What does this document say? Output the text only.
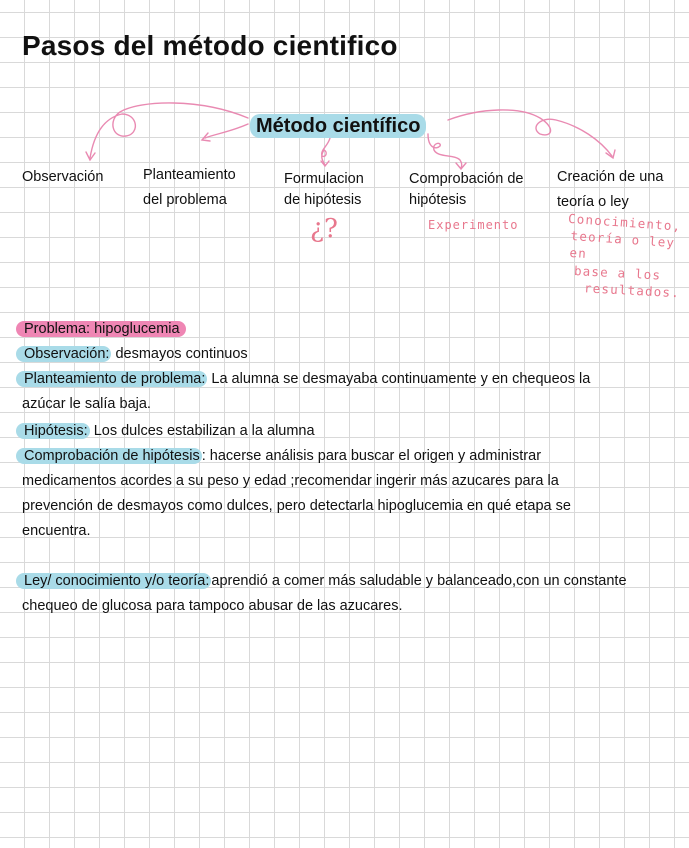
Pasos del método cientifico
Método científico
Observación	Planteamiento
del problema
Formulacion
de hipótesis
Comprobación de
hipótesis
Creación de una
teoría o ley
¿?	Experimento	Conocimiento,
teoría o ley en
base a los
resultados.

Problema: hipoglucemia

Observación: desmayos continuos

Planteamiento de problema: La alumna se desmayaba continuamente y en chequeos la

azúcar le salía baja.

Hipótesis: Los dulces estabilizan a la alumna

Comprobación de hipótesis : hacerse análisis para buscar el origen y administrar

medicamentos acordes a su peso y edad ;recomendar ingerir más azucares para la

prevención de desmayos como dulces, pero detectarla hipoglucemia en qué etapa se

encuentra.

Ley/ conocimiento y/o teoría: aprendió a comer más saludable y balanceado,con un constante

chequeo de glucosa para tampoco abusar de las azucares.
